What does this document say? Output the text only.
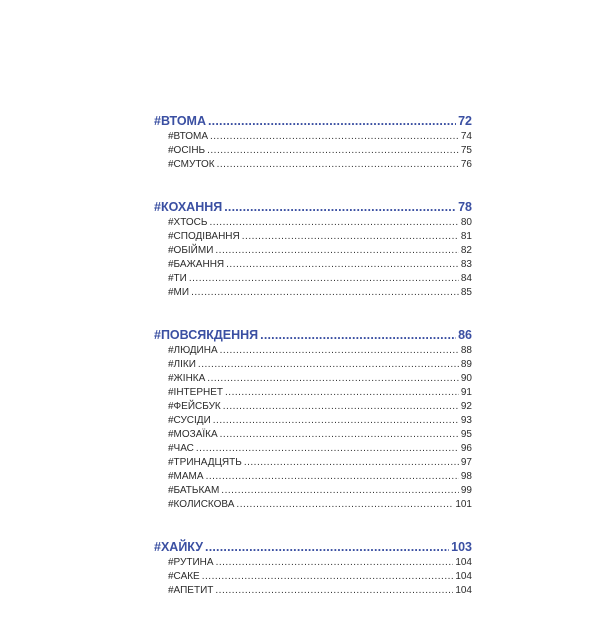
#ВТОМА .....	72
#ВТОМА .....	74
#ОСІНЬ .....	75
#СМУТОК .....	76
#КОХАННЯ .....	78
#ХТОСЬ .....	80
#СПОДІВАННЯ .....	81
#ОБІЙМИ .....	82
#БАЖАННЯ .....	83
#ТИ .....	84
#МИ .....	85
#ПОВСЯКДЕННЯ .....	86
#ЛЮДИНА .....	88
#ЛІКИ .....	89
#ЖІНКА .....	90
#ІНТЕРНЕТ .....	91
#ФЕЙСБУК .....	92
#СУСІДИ .....	93
#МОЗАЇКА .....	95
#ЧАС .....	96
#ТРИНАДЦЯТЬ .....	97
#МАМА .....	98
#БАТЬКАМ .....	99
#КОЛИСКОВА .....	101
#ХАЙКУ .....	103
#РУТИНА .....	104
#САКЕ .....	104
#АПЕТИТ .....	104
